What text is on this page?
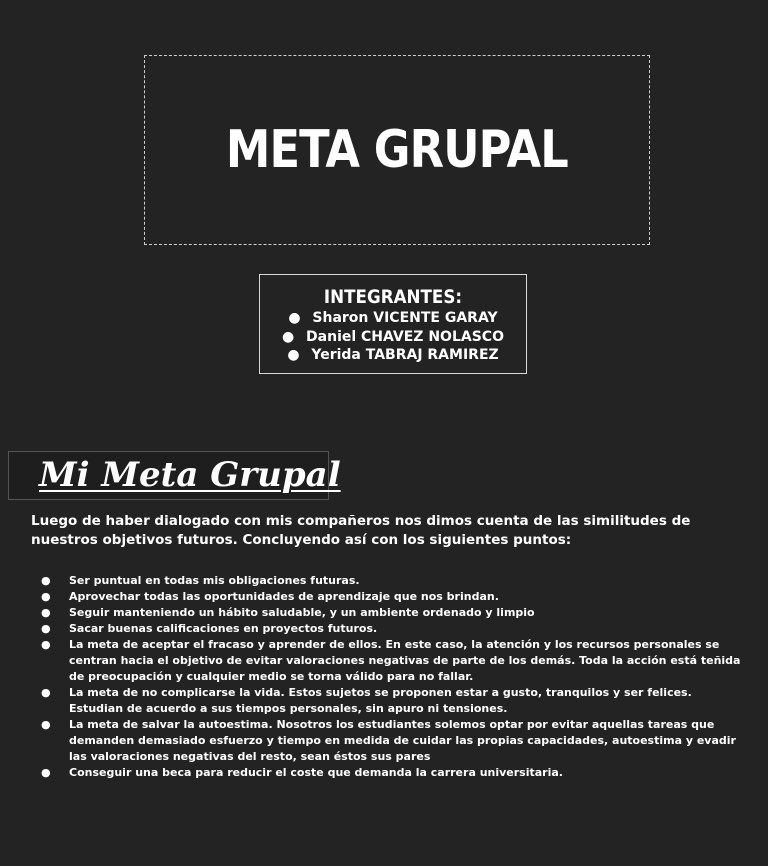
META GRUPAL
INTEGRANTES:
● Sharon VICENTE GARAY
● Daniel CHAVEZ NOLASCO
● Yerida TABRAJ RAMIREZ
Mi Meta Grupal

Luego de haber dialogado con mis compañeros nos dimos cuenta de las similitudes de nuestros objetivos futuros. Concluyendo así con los siguientes puntos:

● Ser puntual en todas mis obligaciones futuras.
● Aprovechar todas las oportunidades de aprendizaje que nos brindan.
● Seguir manteniendo un hábito saludable, y un ambiente ordenado y limpio
● Sacar buenas calificaciones en proyectos futuros.
● La meta de aceptar el fracaso y aprender de ellos. En este caso, la atención y los recursos personales se centran hacia el objetivo de evitar valoraciones negativas de parte de los demás. Toda la acción está teñida de preocupación y cualquier medio se torna válido para no fallar.
● La meta de no complicarse la vida. Estos sujetos se proponen estar a gusto, tranquilos y ser felices. Estudian de acuerdo a sus tiempos personales, sin apuro ni tensiones.
● La meta de salvar la autoestima. Nosotros los estudiantes solemos optar por evitar aquellas tareas que demanden demasiado esfuerzo y tiempo en medida de cuidar las propias capacidades, autoestima y evadir las valoraciones negativas del resto, sean éstos sus pares
● Conseguir una beca para reducir el coste que demanda la carrera universitaria.
